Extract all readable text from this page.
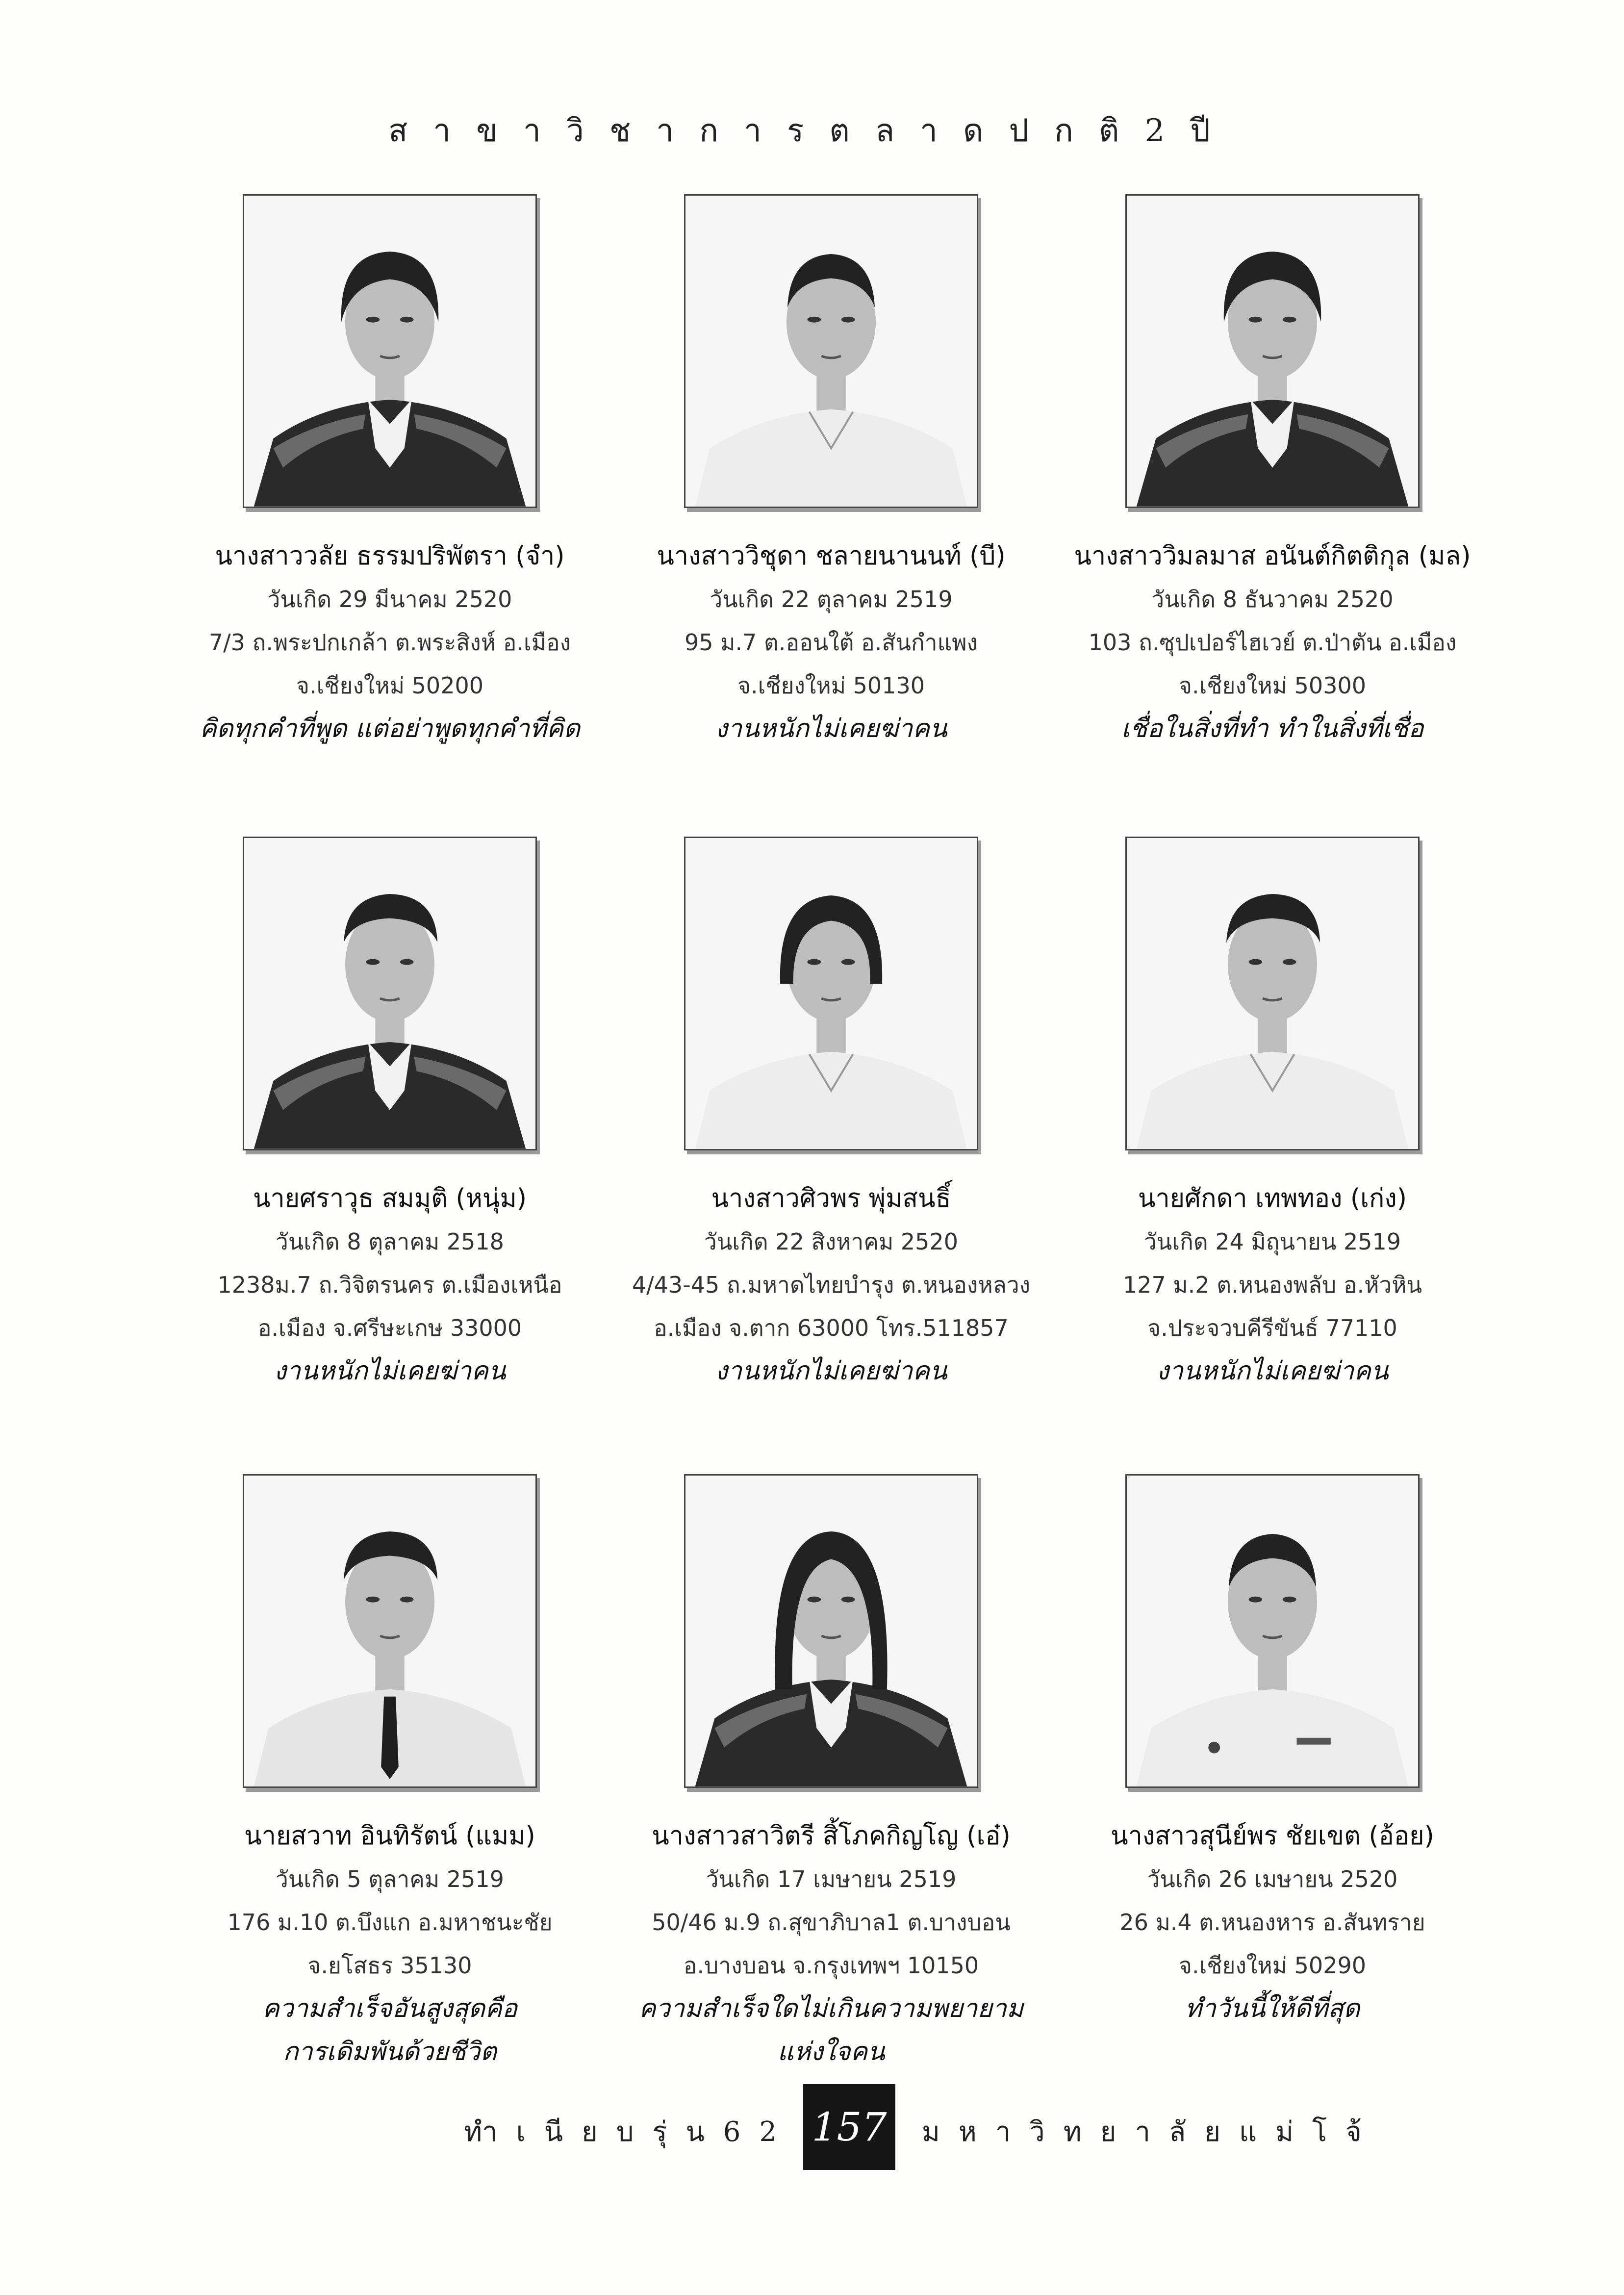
สาขาวิชาการตลาดปกติ2ปี
นางสาววลัย ธรรมปริพัตรา (จำ)
วันเกิด 29 มีนาคม 2520
7/3 ถ.พระปกเกล้า ต.พระสิงห์ อ.เมือง
จ.เชียงใหม่ 50200
คิดทุกคำที่พูด แต่อย่าพูดทุกคำที่คิด
นางสาววิชุดา ชลายนานนท์ (บี)
วันเกิด 22 ตุลาคม 2519
95 ม.7 ต.ออนใต้ อ.สันกำแพง
จ.เชียงใหม่ 50130
งานหนักไม่เคยฆ่าคน
นางสาววิมลมาส อนันต์กิตติกุล (มล)
วันเกิด 8 ธันวาคม 2520
103 ถ.ซุปเปอร์ไฮเวย์ ต.ป่าตัน อ.เมือง
จ.เชียงใหม่ 50300
เชื่อในสิ่งที่ทำ ทำในสิ่งที่เชื่อ
นายศราวุธ สมมุติ (หนุ่ม)
วันเกิด 8 ตุลาคม 2518
1238ม.7 ถ.วิจิตรนคร ต.เมืองเหนือ
อ.เมือง จ.ศรีษะเกษ 33000
งานหนักไม่เคยฆ่าคน
นางสาวศิวพร พุ่มสนธิ์
วันเกิด 22 สิงหาคม 2520
4/43-45 ถ.มหาดไทยบำรุง ต.หนองหลวง
อ.เมือง จ.ตาก 63000 โทร.511857
งานหนักไม่เคยฆ่าคน
นายศักดา เทพทอง (เก่ง)
วันเกิด 24 มิถุนายน 2519
127 ม.2 ต.หนองพลับ อ.หัวหิน
จ.ประจวบคีรีขันธ์ 77110
งานหนักไม่เคยฆ่าคน
นายสวาท อินทิรัตน์ (แมม)
วันเกิด 5 ตุลาคม 2519
176 ม.10 ต.บึงแก อ.มหาชนะชัย
จ.ยโสธร 35130
ความสำเร็จอันสูงสุดคือ
การเดิมพันด้วยชีวิต
นางสาวสาวิตรี สิ้โภคกิญโญ (เอ๋)
วันเกิด 17 เมษายน 2519
50/46 ม.9 ถ.สุขาภิบาล1 ต.บางบอน
อ.บางบอน จ.กรุงเทพฯ 10150
ความสำเร็จใดไม่เกินความพยายาม
แห่งใจคน
นางสาวสุนีย์พร ชัยเขต (อ้อย)
วันเกิด 26 เมษายน 2520
26 ม.4 ต.หนองหาร อ.สันทราย
จ.เชียงใหม่ 50290
ทำวันนี้ให้ดีที่สุด
ทำเนียบรุ่น62 157	มหาวิทยาลัยแม่โจ้
